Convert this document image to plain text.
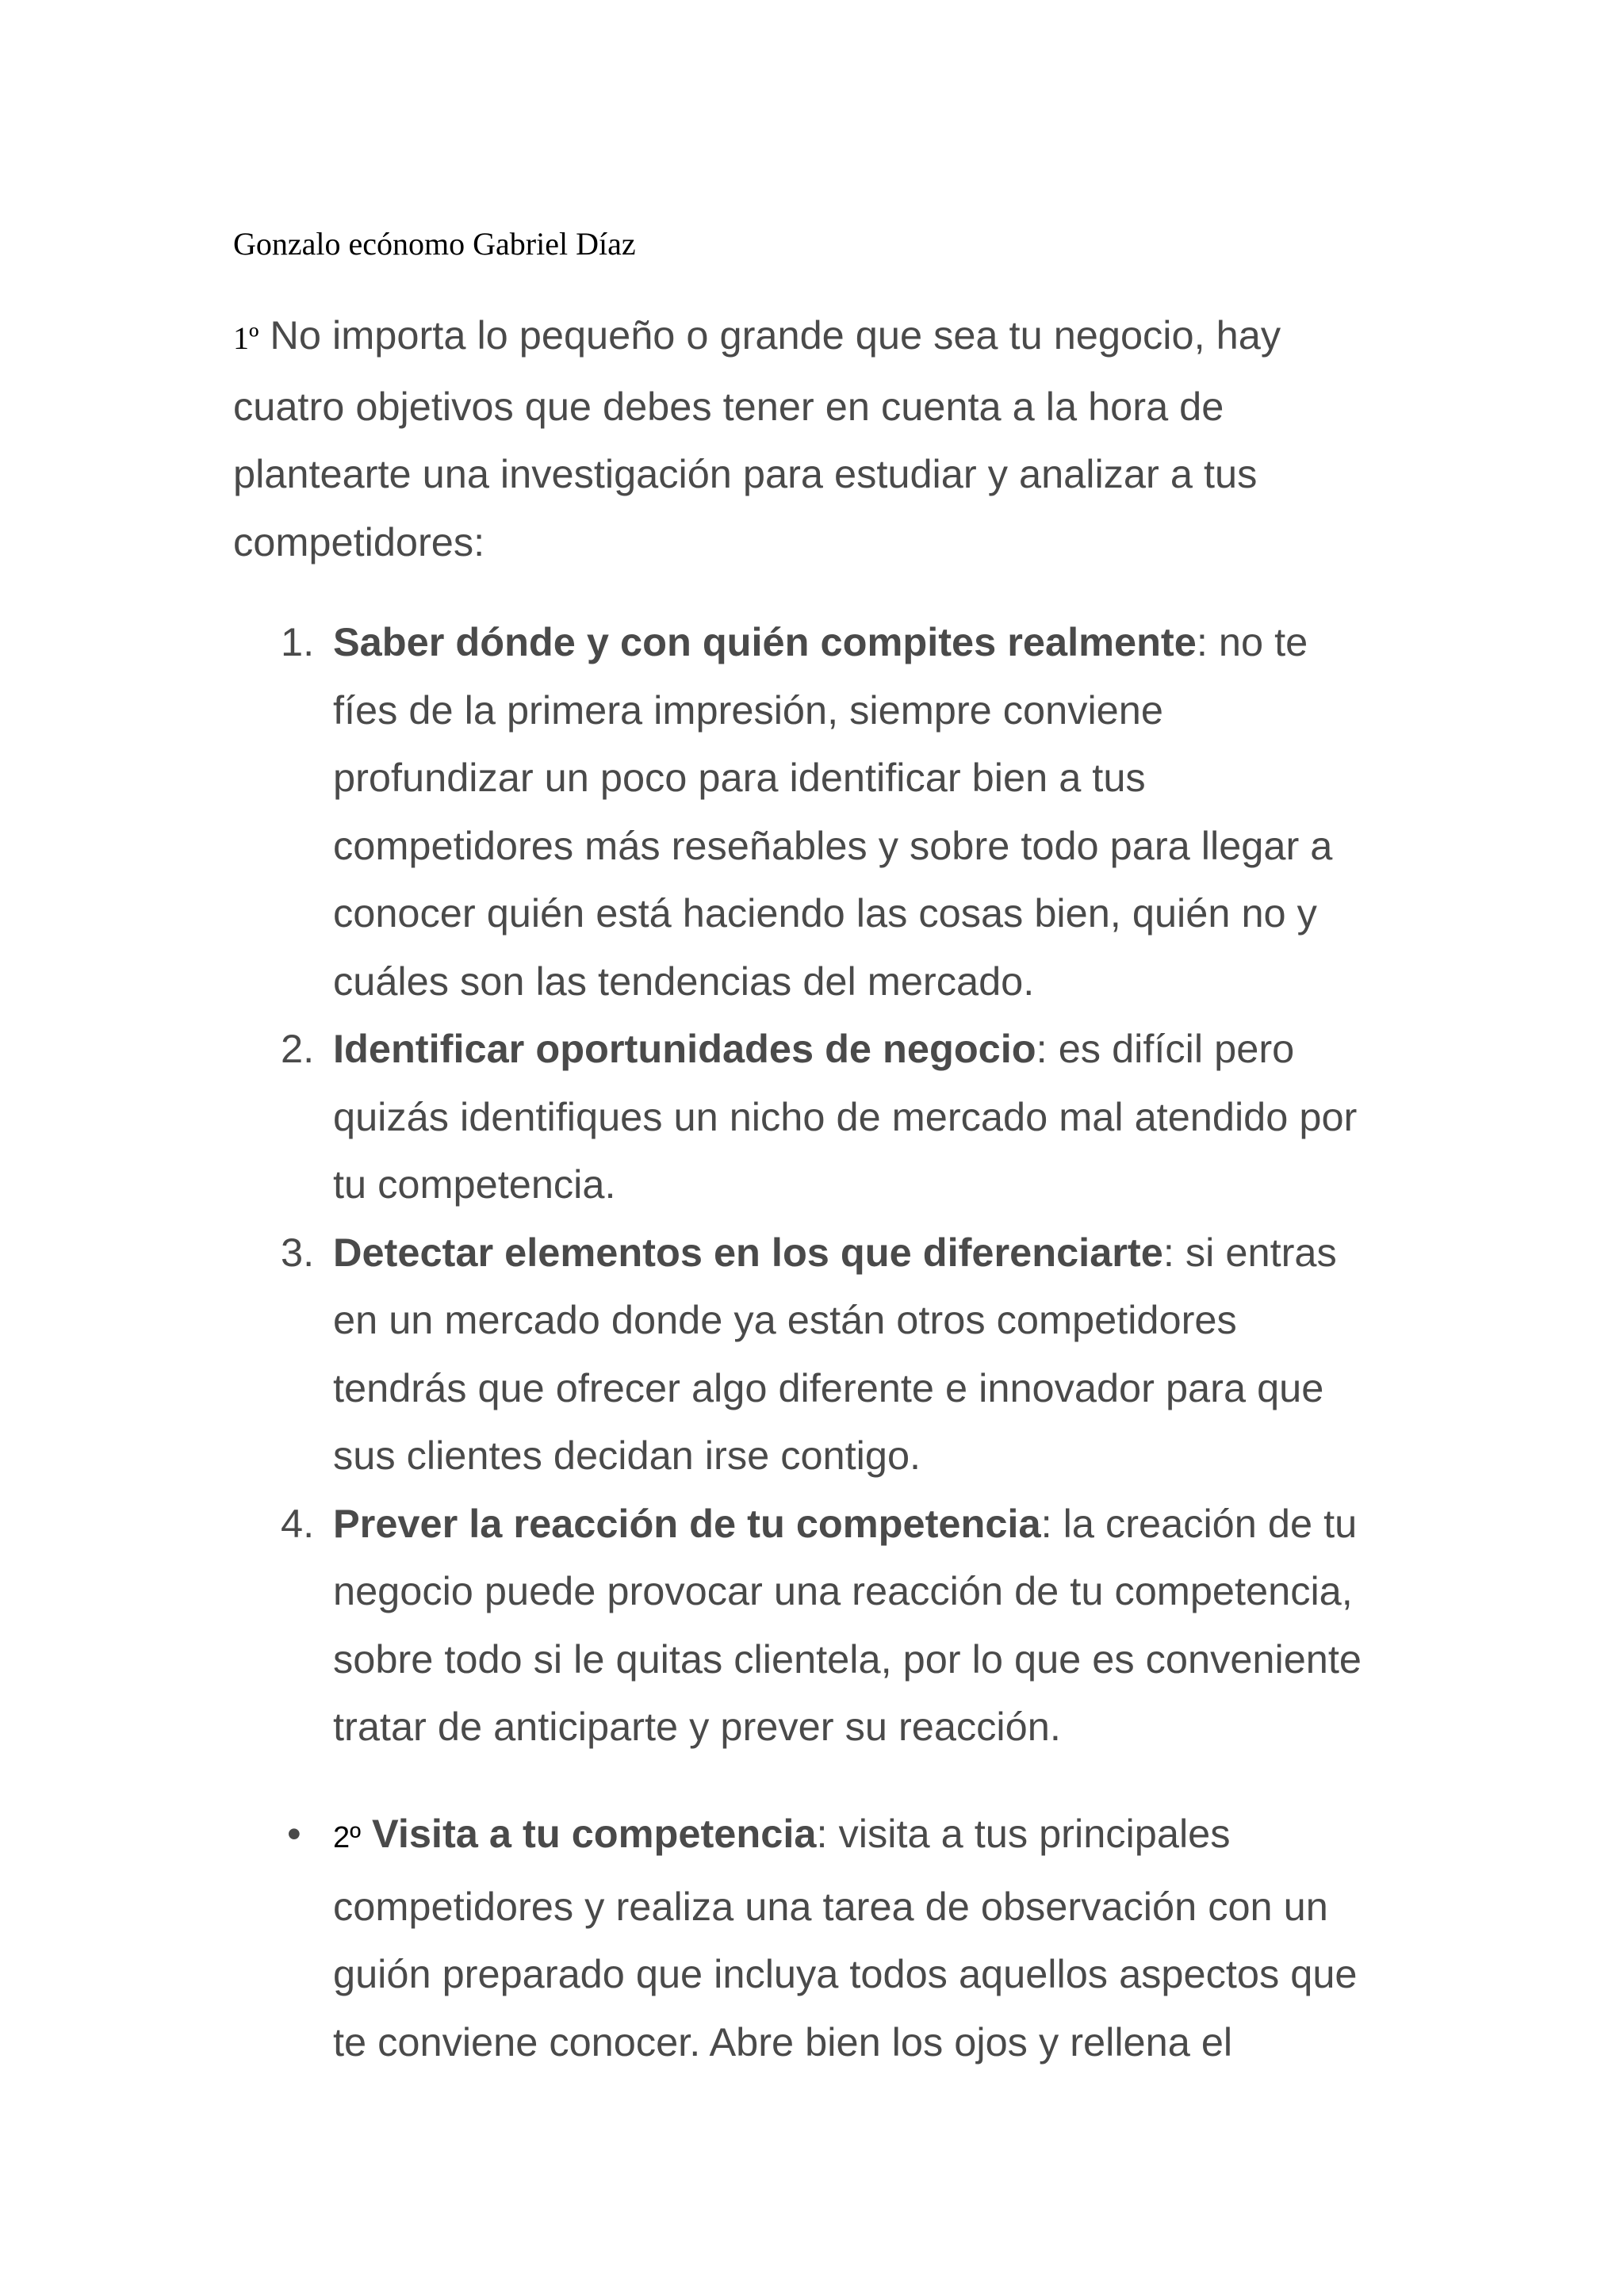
Gonzalo ecónomo Gabriel Díaz
1º No importa lo pequeño o grande que sea tu negocio, hay
cuatro objetivos que debes tener en cuenta a la hora de
plantearte una investigación para estudiar y analizar a tus
competidores:
1. Saber dónde y con quién compites realmente: no te
fíes de la primera impresión, siempre conviene
profundizar un poco para identificar bien a tus
competidores más reseñables y sobre todo para llegar a
conocer quién está haciendo las cosas bien, quién no y
cuáles son las tendencias del mercado.
2. Identificar oportunidades de negocio: es difícil pero
quizás identifiques un nicho de mercado mal atendido por
tu competencia.
3. Detectar elementos en los que diferenciarte: si entras
en un mercado donde ya están otros competidores
tendrás que ofrecer algo diferente e innovador para que
sus clientes decidan irse contigo.
4. Prever la reacción de tu competencia: la creación de tu
negocio puede provocar una reacción de tu competencia,
sobre todo si le quitas clientela, por lo que es conveniente
tratar de anticiparte y prever su reacción.
• 2º Visita a tu competencia: visita a tus principales
competidores y realiza una tarea de observación con un
guión preparado que incluya todos aquellos aspectos que
te conviene conocer. Abre bien los ojos y rellena el
